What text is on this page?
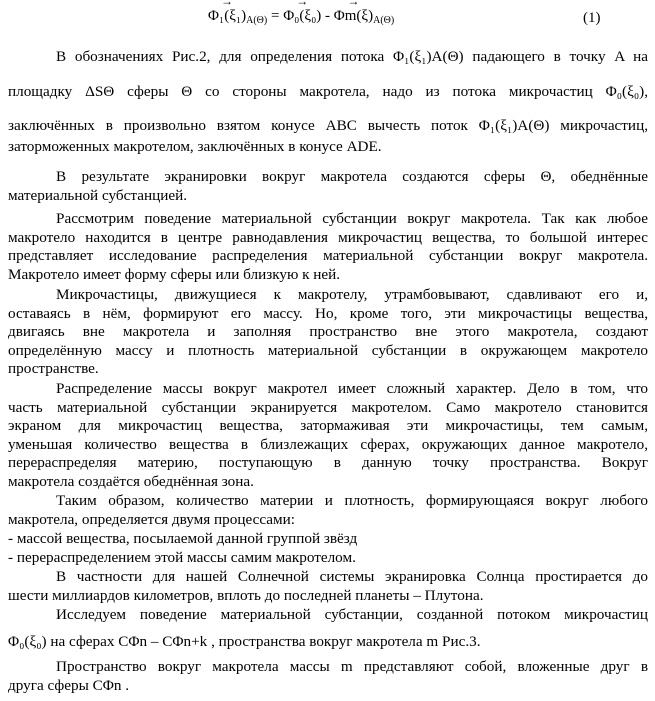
→ $\Phi_1(\xi_1)_{A(\Theta)}$ = → Φ₀(ξ₀) - → $\Phi m(\xi)_{A(\Theta)}$	(1)
В обозначениях Рис.2, для определения потока Φ₁(ξ₁)A(Θ) падающего в точку A на
площадку ΔSΘ сферы Θ со стороны макротела, надо из потока микрочастиц Φ₀(ξ₀),
заключённых в произвольно взятом конусе ABC вычесть поток Φ₁(ξ₁)A(Θ) микрочастиц,
заторможенных макротелом, заключённых в конусе ADE.
В результате экранировки вокруг макротела создаются сферы Θ, обеднённые
материальной субстанцией.
Рассмотрим поведение материальной субстанции вокруг макротела. Так как любое
макротело находится в центре равнодавления микрочастиц вещества, то большой интерес
представляет исследование распределения материальной субстанции вокруг макротела.
Макротело имеет форму сферы или близкую к ней.
Микрочастицы, движущиеся к макротелу, утрамбовывают, сдавливают его и,
оставаясь в нём, формируют его массу. Но, кроме того, эти микрочастицы вещества,
двигаясь вне макротела и заполняя пространство вне этого макротела, создают
определённую массу и плотность материальной субстанции в окружающем макротело
пространстве.
Распределение массы вокруг макротел имеет сложный характер. Дело в том, что
часть материальной субстанции экранируется макротелом. Само макротело становится
экраном для микрочастиц вещества, затормаживая эти микрочастицы, тем самым,
уменьшая количество вещества в близлежащих сферах, окружающих данное макротело,
перераспределяя материю, поступающую в данную точку пространства. Вокруг
макротела создаётся обеднённая зона.
Таким образом, количество материи и плотность, формирующаяся вокруг любого
макротела, определяется двумя процессами:
- массой вещества, посылаемой данной группой звёзд
- перераспределением этой массы самим макротелом.
В частности для нашей Солнечной системы экранировка Солнца простирается до
шести миллиардов километров, вплоть до последней планеты – Плутона.
Исследуем поведение материальной субстанции, созданной потоком микрочастиц
Φ₀(ξ₀) на сферах CΦn – CΦn+k , пространства вокруг макротела m Рис.3.
Пространство вокруг макротела массы m представляют собой, вложенные друг в
друга сферы CΦn .
